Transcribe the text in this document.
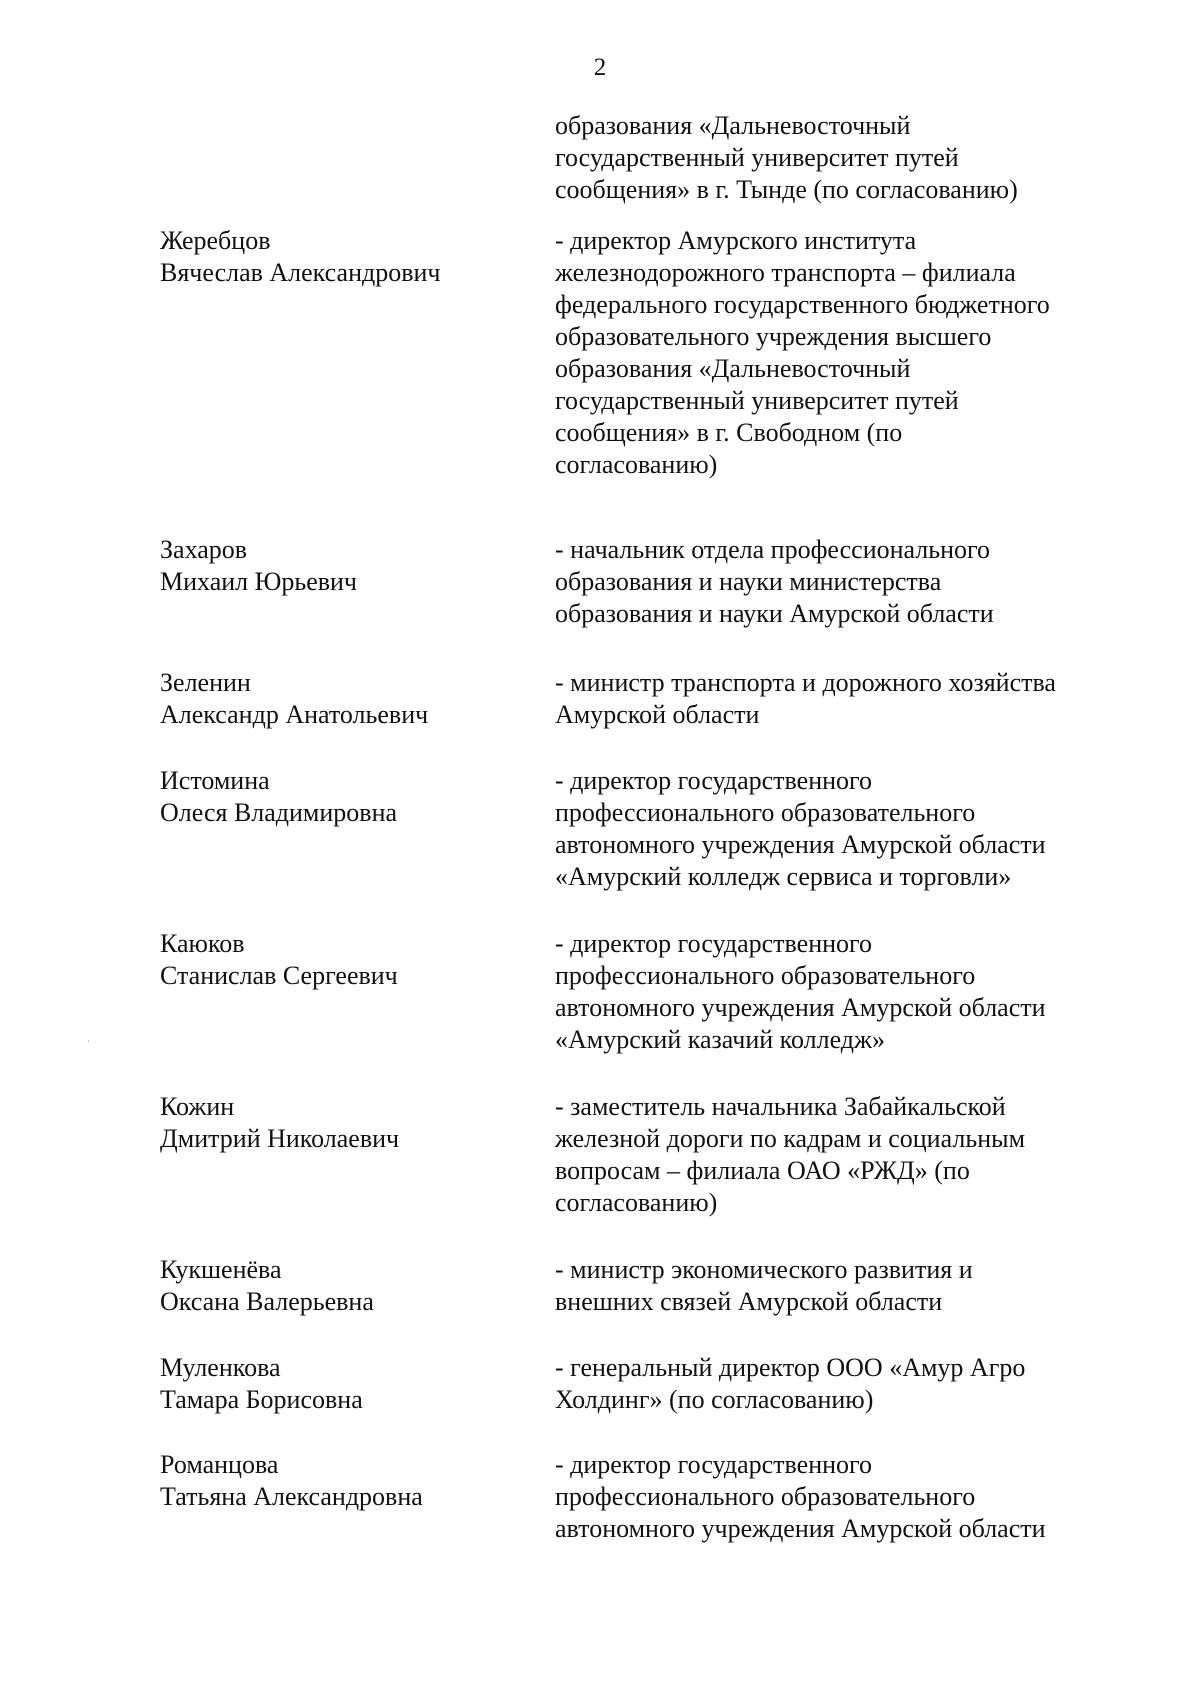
2
образования «Дальневосточный
государственный университет путей
сообщения» в г. Тынде (по согласованию)
Жеребцов
Вячеслав Александрович
- директор Амурского института
железнодорожного транспорта – филиала
федерального государственного бюджетного
образовательного учреждения высшего
образования «Дальневосточный
государственный университет путей
сообщения» в г. Свободном (по
согласованию)
Захаров
Михаил Юрьевич
- начальник отдела профессионального
образования и науки министерства
образования и науки Амурской области
Зеленин
Александр Анатольевич
- министр транспорта и дорожного хозяйства
Амурской области
Истомина
Олеся Владимировна
- директор государственного
профессионального образовательного
автономного учреждения Амурской области
«Амурский колледж сервиса и торговли»
Каюков
Станислав Сергеевич
- директор государственного
профессионального образовательного
автономного учреждения Амурской области
«Амурский казачий колледж»
Кожин
Дмитрий Николаевич
- заместитель начальника Забайкальской
железной дороги по кадрам и социальным
вопросам – филиала ОАО «РЖД» (по
согласованию)
Кукшенёва
Оксана Валерьевна
- министр экономического развития и
внешних связей Амурской области
Муленкова
Тамара Борисовна
- генеральный директор ООО «Амур Агро
Холдинг» (по согласованию)
Романцова
Татьяна Александровна
- директор государственного
профессионального образовательного
автономного учреждения Амурской области
